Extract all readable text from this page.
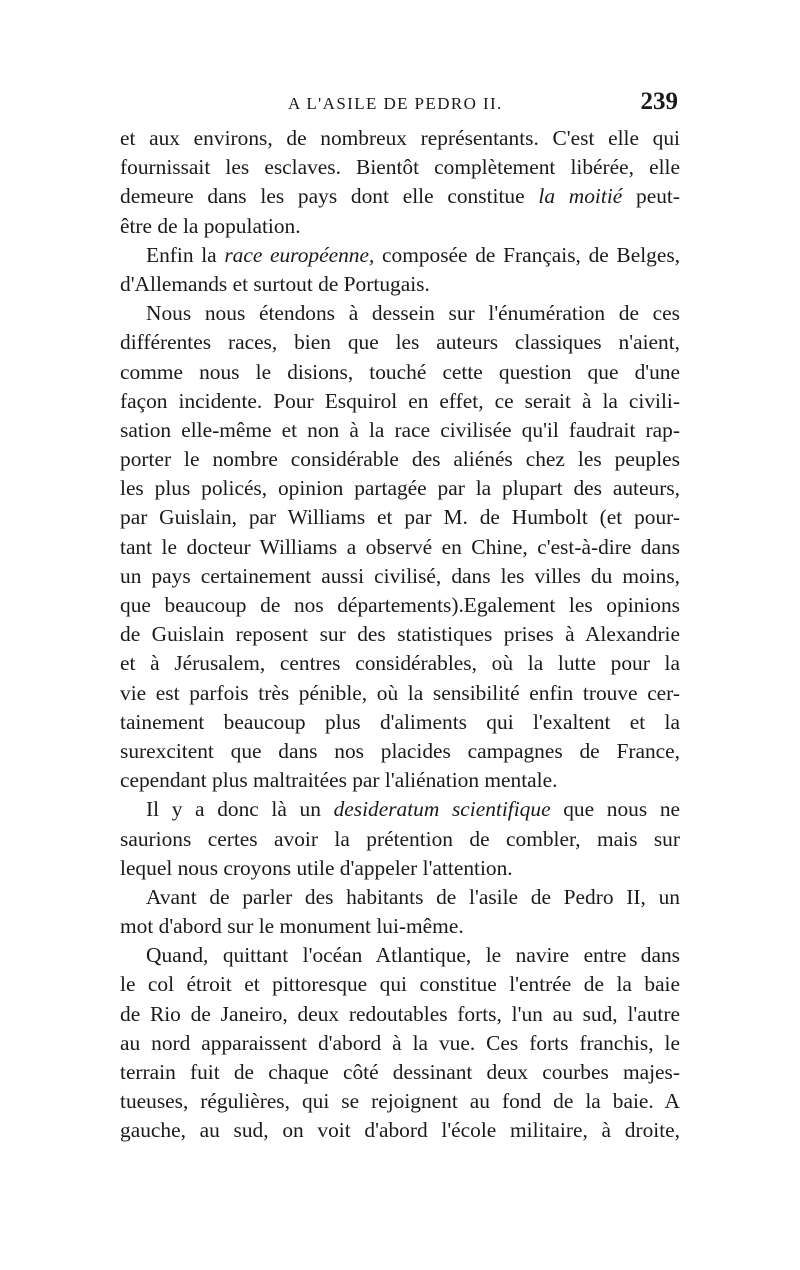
A L'ASILE DE PEDRO II.	239
et aux environs, de nombreux représentants. C'est elle qui
fournissait les esclaves. Bientôt complètement libérée, elle
demeure dans les pays dont elle constitue la moitié peut-
être de la population.
Enfin la race européenne, composée de Français, de Belges,
d'Allemands et surtout de Portugais.
Nous nous étendons à dessein sur l'énumération de ces
différentes races, bien que les auteurs classiques n'aient,
comme nous le disions, touché cette question que d'une
façon incidente. Pour Esquirol en effet, ce serait à la civili-
sation elle-même et non à la race civilisée qu'il faudrait rap-
porter le nombre considérable des aliénés chez les peuples
les plus policés, opinion partagée par la plupart des auteurs,
par Guislain, par Williams et par M. de Humbolt (et pour-
tant le docteur Williams a observé en Chine, c'est-à-dire dans
un pays certainement aussi civilisé, dans les villes du moins,
que beaucoup de nos départements).Egalement les opinions
de Guislain reposent sur des statistiques prises à Alexandrie
et à Jérusalem, centres considérables, où la lutte pour la
vie est parfois très pénible, où la sensibilité enfin trouve cer-
tainement beaucoup plus d'aliments qui l'exaltent et la
surexcitent que dans nos placides campagnes de France,
cependant plus maltraitées par l'aliénation mentale.
Il y a donc là un desideratum scientifique que nous ne
saurions certes avoir la prétention de combler, mais sur
lequel nous croyons utile d'appeler l'attention.
Avant de parler des habitants de l'asile de Pedro II, un
mot d'abord sur le monument lui-même.
Quand, quittant l'océan Atlantique, le navire entre dans
le col étroit et pittoresque qui constitue l'entrée de la baie
de Rio de Janeiro, deux redoutables forts, l'un au sud, l'autre
au nord apparaissent d'abord à la vue. Ces forts franchis, le
terrain fuit de chaque côté dessinant deux courbes majes-
tueuses, régulières, qui se rejoignent au fond de la baie. A
gauche, au sud, on voit d'abord l'école militaire, à droite,
